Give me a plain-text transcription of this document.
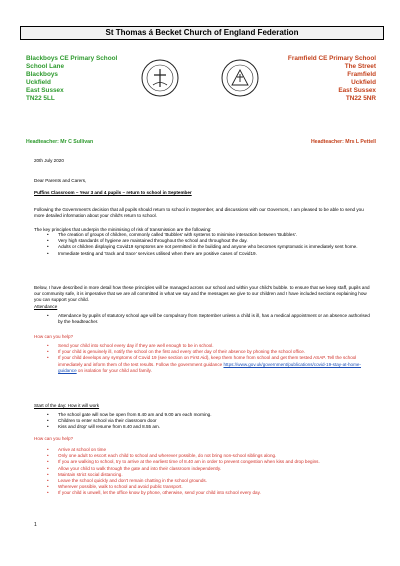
St Thomas á Becket Church of England Federation
Blackboys CE Primary School
School Lane
Blackboys
Uckfield
East Sussex
TN22 5LL
Framfield CE Primary School
The Street
Framfield
Uckfield
East Sussex
TN22 5NR
Headteacher: Mr C Sullivan	Headteacher: Mrs L Pettell
20th July 2020
Dear Parents and Carers,
Puffins Classroom – Year 3 and 4 pupils – return to school in September

Following the Government's decision that all pupils should return to school in September, and discussions with our Governors, I am pleased to be able to send you more detailed information about your child's return to school.

The key principles that underpin the minimising of risk of transmission are the following:

• The creation of groups of children, commonly called 'Bubbles' with systems to minimise interaction between 'Bubbles'.
• Very high standards of hygiene are maintained throughout the school and throughout the day.
• Adults or children displaying Covid19 symptoms are not permitted in the building and anyone who becomes symptomatic is immediately sent home.
• Immediate testing and 'track and trace' services utilised when there are positive cases of Covid19.

Below, I have described in more detail how these principles will be managed across our school and within your child's bubble. to ensure that we keep staff, pupils and our community safe, it is imperative that we are all committed in what we say and the messages we give to our children and I have included sections explaining how you can support your child.

Attendance
• Attendance by pupils of statutory school age will be compulsory from September unless a child is ill, has a medical appointment or an absence authorised by the headteacher.
How can you help?
• Send your child into school every day if they are well enough to be in school.
• If your child is genuinely ill, notify the school on the first and every other day of their absence by phoning the school office.
• If your child develops any symptoms of Covid 19 (see section on First Aid), keep them home from school and get them tested ASAP. Tell the school immediately and inform them of the test results. Follow the government guidance https://www.gov.uk/government/publications/covid-19-stay-at-home-guidance on isolation for your child and family.
Start of the day: How it will work
• The school gate will now be open from 8.40 am and 9.00 am each morning.
• Children to enter school via their classroom door
• Kiss and drop' will resume from 8.40 and 8.55 am.
How can you help?
• Arrive at school on time
• Only one adult to escort each child to school and wherever possible, do not bring non-school siblings along.
• If you are walking to school, try to arrive at the earliest time of 8.40 am in order to prevent congestion when kiss and drop begins.
• Allow your child to walk through the gate and into their classroom independently.
• Maintain strict social distancing.
• Leave the school quickly and don't remain chatting in the school grounds.
• Wherever possible, walk to school and avoid public transport.
• If your child is unwell, let the office know by phone, otherwise, send your child into school every day.
1
